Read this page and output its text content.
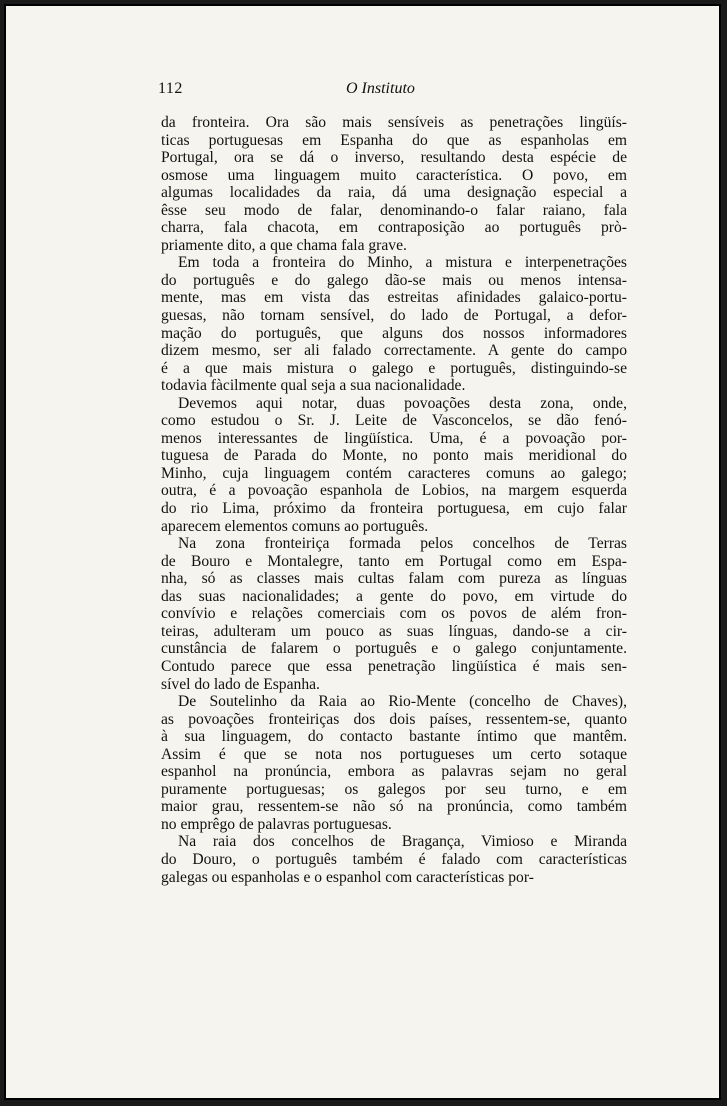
112	O Instituto

da fronteira. Ora são mais sensíveis as penetrações lingüís-
ticas portuguesas em Espanha do que as espanholas em
Portugal, ora se dá o inverso, resultando desta espécie de
osmose uma linguagem muito característica. O povo, em
algumas localidades da raia, dá uma designação especial a
êsse seu modo de falar, denominando-o falar raiano, fala
charra, fala chacota, em contraposição ao português prò-
priamente dito, a que chama fala grave.

Em toda a fronteira do Minho, a mistura e interpenetrações
do português e do galego dão-se mais ou menos intensa-
mente, mas em vista das estreitas afinidades galaico-portu-
guesas, não tornam sensível, do lado de Portugal, a defor-
mação do português, que alguns dos nossos informadores
dizem mesmo, ser ali falado correctamente. A gente do campo
é a que mais mistura o galego e português, distinguindo-se
todavia fàcilmente qual seja a sua nacionalidade.

Devemos aqui notar, duas povoações desta zona, onde,
como estudou o Sr. J. Leite de Vasconcelos, se dão fenó-
menos interessantes de lingüística. Uma, é a povoação por-
tuguesa de Parada do Monte, no ponto mais meridional do
Minho, cuja linguagem contém caracteres comuns ao galego;
outra, é a povoação espanhola de Lobios, na margem esquerda
do rio Lima, próximo da fronteira portuguesa, em cujo falar
aparecem elementos comuns ao português.

Na zona fronteiriça formada pelos concelhos de Terras
de Bouro e Montalegre, tanto em Portugal como em Espa-
nha, só as classes mais cultas falam com pureza as línguas
das suas nacionalidades; a gente do povo, em virtude do
convívio e relações comerciais com os povos de além fron-
teiras, adulteram um pouco as suas línguas, dando-se a cir-
cunstância de falarem o português e o galego conjuntamente.
Contudo parece que essa penetração lingüística é mais sen-
sível do lado de Espanha.

De Soutelinho da Raia ao Rio-Mente (concelho de Chaves),
as povoações fronteiriças dos dois países, ressentem-se, quanto
à sua linguagem, do contacto bastante íntimo que mantêm.
Assim é que se nota nos portugueses um certo sotaque
espanhol na pronúncia, embora as palavras sejam no geral
puramente portuguesas; os galegos por seu turno, e em
maior grau, ressentem-se não só na pronúncia, como também
no emprêgo de palavras portuguesas.

Na raia dos concelhos de Bragança, Vimioso e Miranda
do Douro, o português também é falado com características
galegas ou espanholas e o espanhol com características por-
